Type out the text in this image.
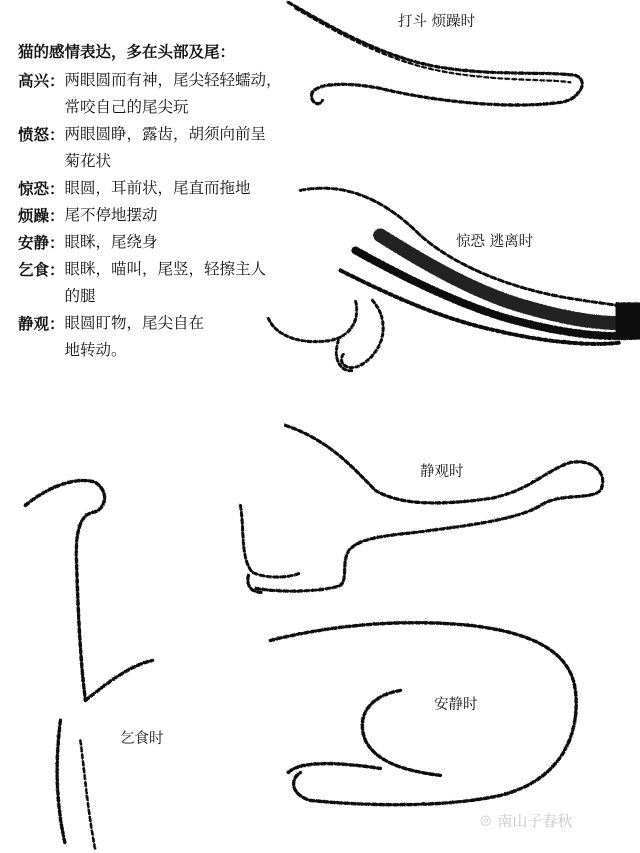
猫的感情表达，多在头部及尾：
高兴 ： 两眼圆而有神，尾尖轻轻蠕动，
常咬自己的尾尖玩
愤怒 ： 两眼圆睁，露齿，胡须向前呈
菊花状
惊恐 ： 眼圆，耳前状，尾直而拖地
烦躁 ： 尾不停地摆动
安静 ： 眼眯，尾绕身
乞食 ： 眼眯，喵叫，尾竖，轻擦主人
的腿
静观 ： 眼圆盯物，尾尖自在
地转动。
打斗 烦躁时
惊恐 逃离时
静观时
乞食时
安静时
◎ 南山子春秋
